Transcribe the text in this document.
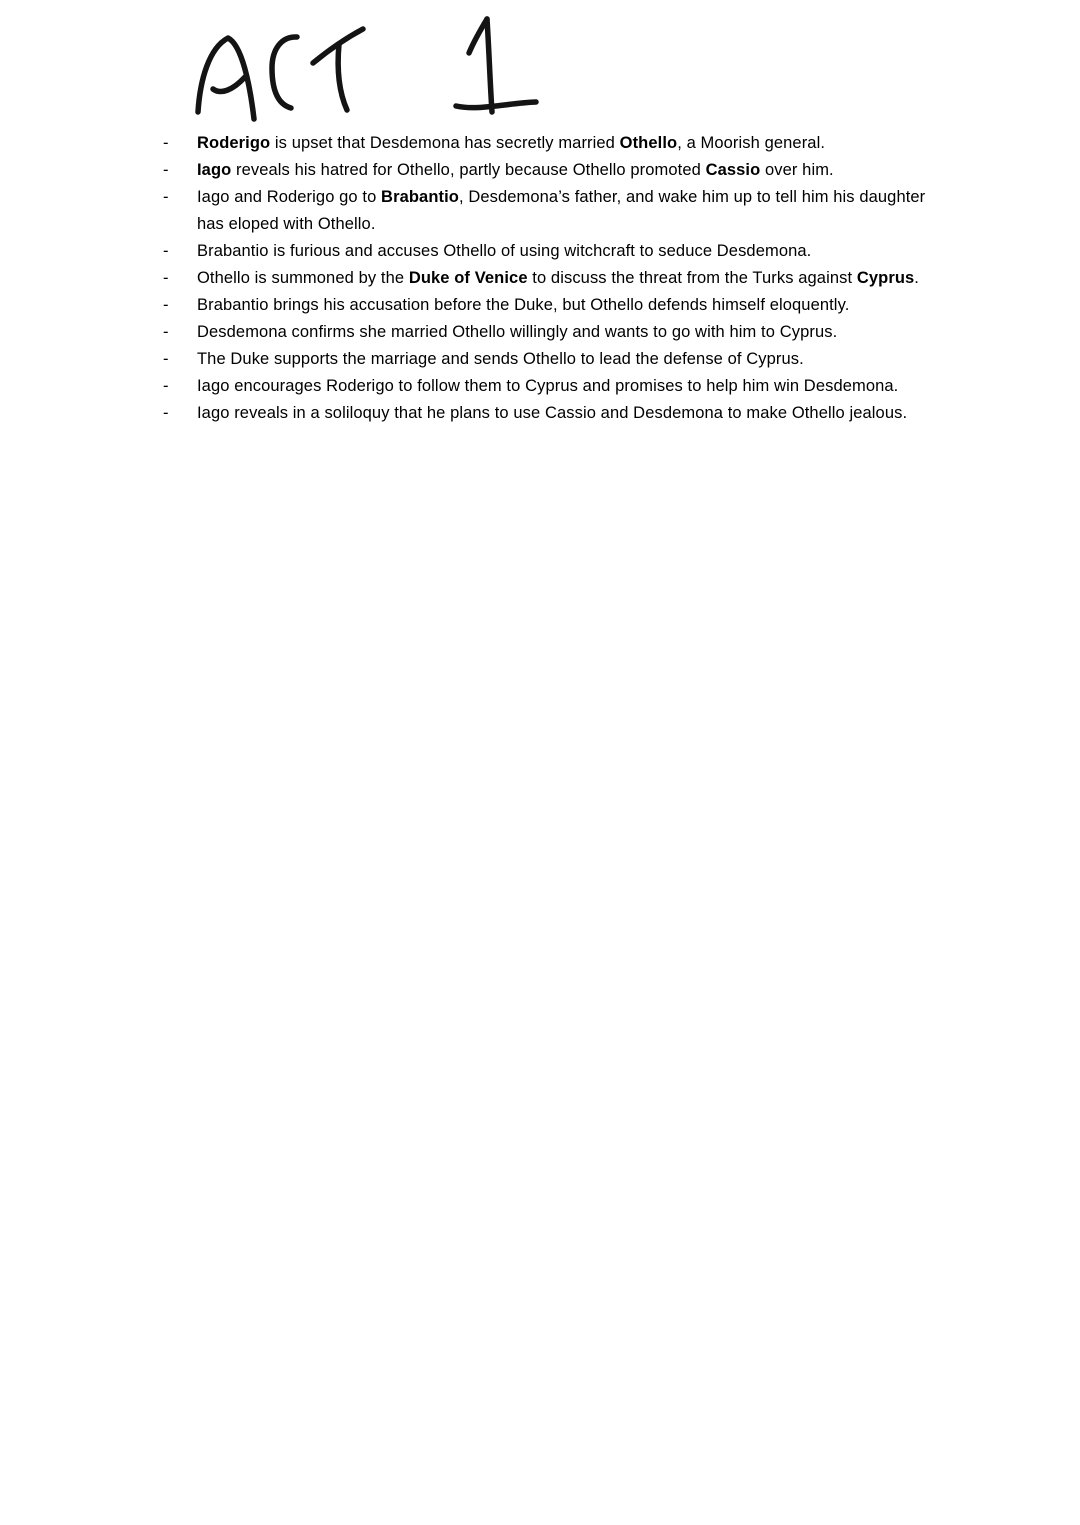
-	Roderigo is upset that Desdemona has secretly married Othello, a Moorish general.
-	Iago reveals his hatred for Othello, partly because Othello promoted Cassio over him.
-	Iago and Roderigo go to Brabantio, Desdemona’s father, and wake him up to tell him his daughter has eloped with Othello.
-	Brabantio is furious and accuses Othello of using witchcraft to seduce Desdemona.
-	Othello is summoned by the Duke of Venice to discuss the threat from the Turks against Cyprus.
-	Brabantio brings his accusation before the Duke, but Othello defends himself eloquently.
-	Desdemona confirms she married Othello willingly and wants to go with him to Cyprus.
-	The Duke supports the marriage and sends Othello to lead the defense of Cyprus.
-	Iago encourages Roderigo to follow them to Cyprus and promises to help him win Desdemona.
-	Iago reveals in a soliloquy that he plans to use Cassio and Desdemona to make Othello jealous.
